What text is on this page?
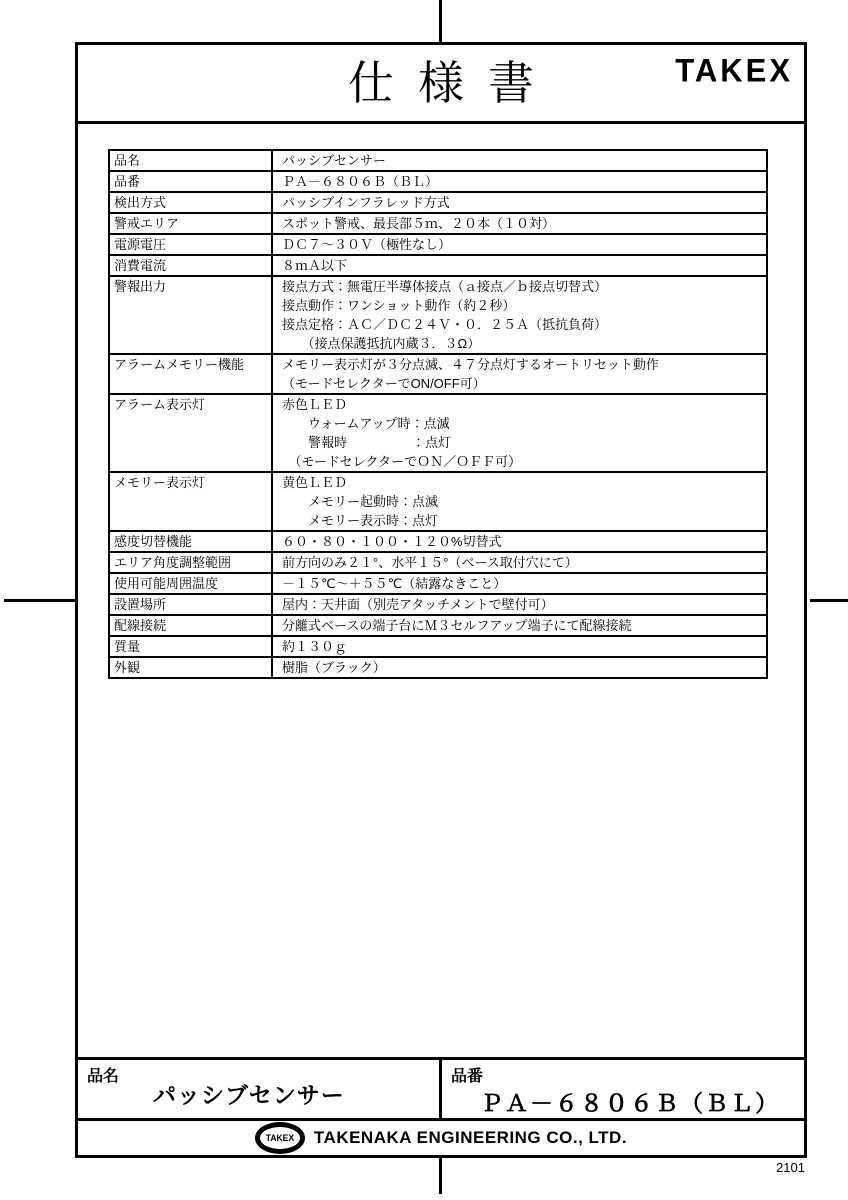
仕様書	TAKEX
品名	パッシブセンサー

品番	ＰＡ－６８０６Ｂ（ＢＬ）

検出方式	パッシブインフラレッド方式

警戒エリア	スポット警戒、最長部５ｍ、２０本（１０対）

電源電圧	ＤＣ７～３０Ｖ（極性なし）

消費電流	８ｍＡ以下

警報出力	接点方式：無電圧半導体接点（ａ接点／ｂ接点切替式）
接点動作：ワンショット動作（約２秒）
接点定格：ＡＣ／ＤＣ２４Ｖ・０．２５Ａ（抵抗負荷）
　　（接点保護抵抗内蔵３．３Ω）

アラームメモリー機能	メモリー表示灯が３分点滅、４７分点灯するオートリセット動作
（モードセレクターでON/OFF可）

アラーム表示灯	赤色ＬＥＤ
　　ウォームアップ時：点滅
　　警報時　　　　　：点灯
　（モードセレクターでＯＮ／ＯＦＦ可）

メモリー表示灯	黄色ＬＥＤ
　　メモリー起動時：点滅
　　メモリー表示時：点灯

感度切替機能	６０・８０・１００・１２０%切替式

エリア角度調整範囲	前方向のみ２１°、水平１５°（ベース取付穴にて）

使用可能周囲温度	－１５℃～＋５５℃（結露なきこと）

設置場所	屋内：天井面（別売アタッチメントで壁付可）

配線接続	分離式ベースの端子台にＭ３セルフアップ端子にて配線接続

質量	約１３０ｇ

外観	樹脂（ブラック）
品名
パッシブセンサー
品番
ＰＡ－６８０６Ｂ（ＢＬ）
TAKEX TAKENAKA ENGINEERING CO., LTD.
2101
